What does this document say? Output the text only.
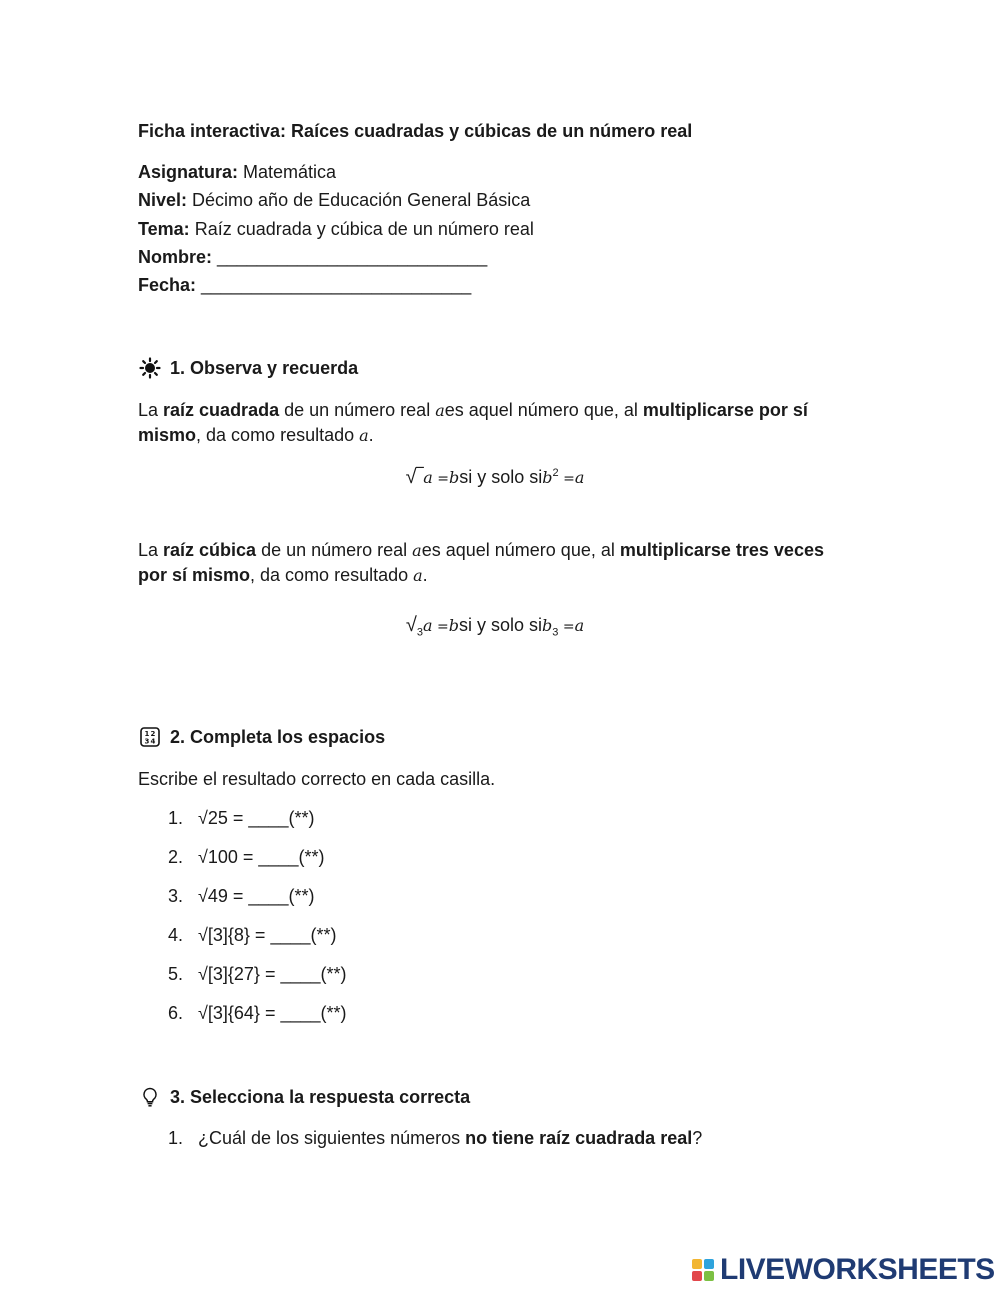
Ficha interactiva: Raíces cuadradas y cúbicas de un número real
Asignatura: Matemática
Nivel: Décimo año de Educación General Básica
Tema: Raíz cuadrada y cúbica de un número real
Nombre: ___________________________
Fecha: ___________________________
1. Observa y recuerda
La raíz cuadrada de un número real aes aquel número que, al multiplicarse por sí mismo, da como resultado a.
√‾a =bsi y solo sib$^2$ =a
La raíz cúbica de un número real aes aquel número que, al multiplicarse tres veces por sí mismo, da como resultado a.
$√_3a =bsi$ y solo sib$_3$ =a
1 2
3 4 2. Completa los espacios
Escribe el resultado correcto en cada casilla.
1. √25 = ____(**)
2. √100 = ____(**)
3. √49 = ____(**)
4. √[3]{8} = ____(**)
5. √[3]{27} = ____(**)
6. √[3]{64} = ____(**)
3. Selecciona la respuesta correcta
1. ¿Cuál de los siguientes números no tiene raíz cuadrada real?
LIVEWORKSHEETS
